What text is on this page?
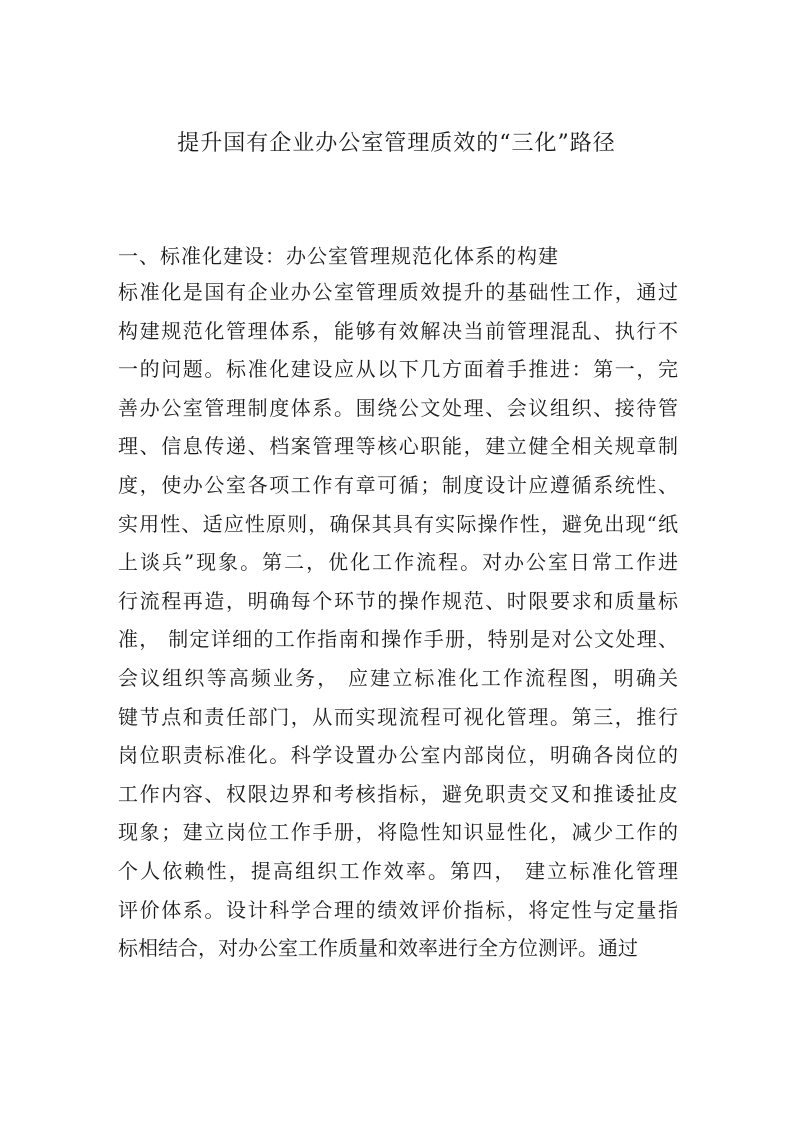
提升国有企业办公室管理质效的“三化”路径

一、标准化建设：办公室管理规范化体系的构建

标准化是国有企业办公室管理质效提升的基础性工作，通过
构建规范化管理体系，能够有效解决当前管理混乱、执行不
一的问题。标准化建设应从以下几方面着手推进：第一，完
善办公室管理制度体系。围绕公文处理、会议组织、接待管
理、信息传递、档案管理等核心职能，建立健全相关规章制
度，使办公室各项工作有章可循；制度设计应遵循系统性、
实用性、适应性原则，确保其具有实际操作性，避免出现“纸
上谈兵”现象。第二，优化工作流程。对办公室日常工作进
行流程再造，明确每个环节的操作规范、时限要求和质量标
准， 制定详细的工作指南和操作手册，特别是对公文处理、
会议组织等高频业务， 应建立标准化工作流程图，明确关
键节点和责任部门，从而实现流程可视化管理。第三，推行
岗位职责标准化。科学设置办公室内部岗位，明确各岗位的
工作内容、权限边界和考核指标，避免职责交叉和推诿扯皮
现象；建立岗位工作手册，将隐性知识显性化，减少工作的
个人依赖性，提高组织工作效率。第四， 建立标准化管理
评价体系。设计科学合理的绩效评价指标，将定性与定量指
标相结合，对办公室工作质量和效率进行全方位测评。通过
